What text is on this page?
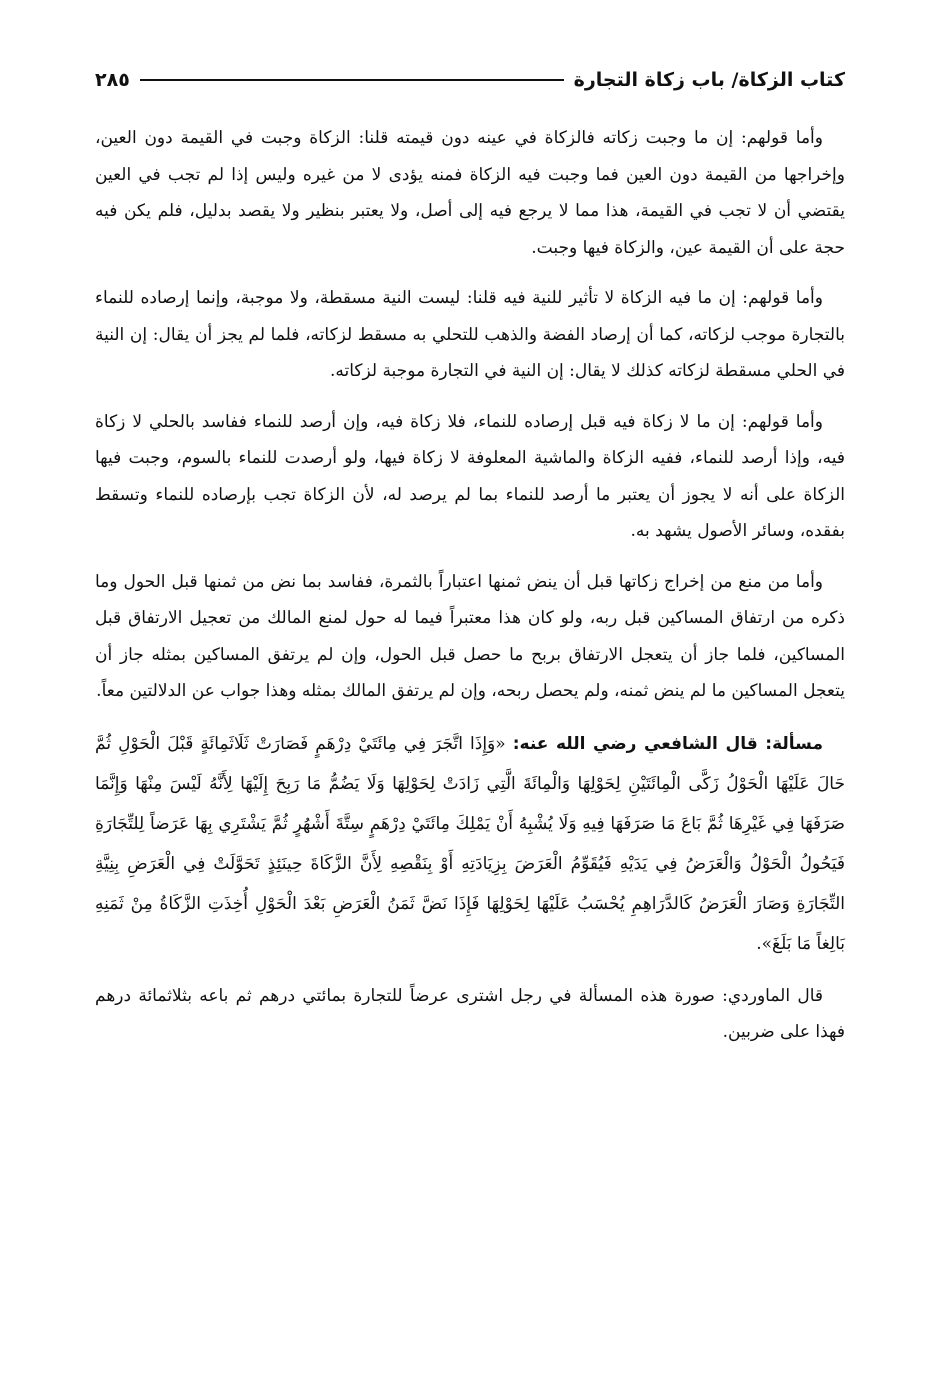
كتاب الزكاة/ باب زكاة التجارة
٢٨٥

وأما قولهم: إن ما وجبت زكاته فالزكاة في عينه دون قيمته قلنا: الزكاة وجبت في القيمة دون العين، وإخراجها من القيمة دون العين فما وجبت فيه الزكاة فمنه يؤدى لا من غيره وليس إذا لم تجب في العين يقتضي أن لا تجب في القيمة، هذا مما لا يرجع فيه إلى أصل، ولا يعتبر بنظير ولا يقصد بدليل، فلم يكن فيه حجة على أن القيمة عين، والزكاة فيها وجبت.

وأما قولهم: إن ما فيه الزكاة لا تأثير للنية فيه قلنا: ليست النية مسقطة، ولا موجبة، وإنما إرصاده للنماء بالتجارة موجب لزكاته، كما أن إرصاد الفضة والذهب للتحلي به مسقط لزكاته، فلما لم يجز أن يقال: إن النية في الحلي مسقطة لزكاته كذلك لا يقال: إن النية في التجارة موجبة لزكاته.

وأما قولهم: إن ما لا زكاة فيه قبل إرصاده للنماء، فلا زكاة فيه، وإن أرصد للنماء ففاسد بالحلي لا زكاة فيه، وإذا أرصد للنماء، ففيه الزكاة والماشية المعلوفة لا زكاة فيها، ولو أرصدت للنماء بالسوم، وجبت فيها الزكاة على أنه لا يجوز أن يعتبر ما أرصد للنماء بما لم يرصد له، لأن الزكاة تجب بإرصاده للنماء وتسقط بفقده، وسائر الأصول يشهد به.

وأما من منع من إخراج زكاتها قبل أن ينض ثمنها اعتباراً بالثمرة، ففاسد بما نض من ثمنها قبل الحول وما ذكره من ارتفاق المساكين قبل ربه، ولو كان هذا معتبراً فيما له حول لمنع المالك من تعجيل الارتفاق قبل المساكين، فلما جاز أن يتعجل الارتفاق بربح ما حصل قبل الحول، وإن لم يرتفق المساكين بمثله جاز أن يتعجل المساكين ما لم ينض ثمنه، ولم يحصل ربحه، وإن لم يرتفق المالك بمثله وهذا جواب عن الدلالتين معاً.

مسألة: قال الشافعي رضي الله عنه: «وَإِذَا اتَّجَرَ فِي مِائَتَيْ دِرْهَمٍ فَصَارَتْ ثَلَاثَمِائَةٍ قَبْلَ الْحَوْلِ ثُمَّ حَالَ عَلَيْهَا الْحَوْلُ زَكَّى الْمِائَتَيْنِ لِحَوْلِهَا وَالْمِائَةَ الَّتِي زَادَتْ لِحَوْلِهَا وَلَا يَضُمُّ مَا رَبِحَ إِلَيْهَا لِأَنَّهُ لَيْسَ مِنْهَا وَإِنَّمَا صَرَفَهَا فِي غَيْرِهَا ثُمَّ بَاعَ مَا صَرَفَهَا فِيهِ وَلَا يُشْبِهُ أَنْ يَمْلِكَ مِائَتَيْ دِرْهَمٍ سِتَّةَ أَشْهُرٍ ثُمَّ يَشْتَرِي بِهَا عَرَضاً لِلتِّجَارَةِ فَيَحُولُ الْحَوْلُ وَالْعَرَضُ فِي يَدَيْهِ فَيُقَوِّمُ الْعَرَضَ بِزِيَادَتِهِ أَوْ بِنَقْصِهِ لِأَنَّ الزَّكَاةَ حِينَئِذٍ تَحَوَّلَتْ فِي الْعَرَضِ بِنِيَّةِ التِّجَارَةِ وَصَارَ الْعَرَضُ كَالدَّرَاهِمِ يُحْسَبُ عَلَيْهَا لِحَوْلِهَا فَإِذَا نَضَّ ثَمَنُ الْعَرَضِ بَعْدَ الْحَوْلِ أُخِذَتِ الزَّكَاةُ مِنْ ثَمَنِهِ بَالِغاً مَا بَلَغَ».

قال الماوردي: صورة هذه المسألة في رجل اشترى عرضاً للتجارة بمائتي درهم ثم باعه بثلاثمائة درهم فهذا على ضربين.
